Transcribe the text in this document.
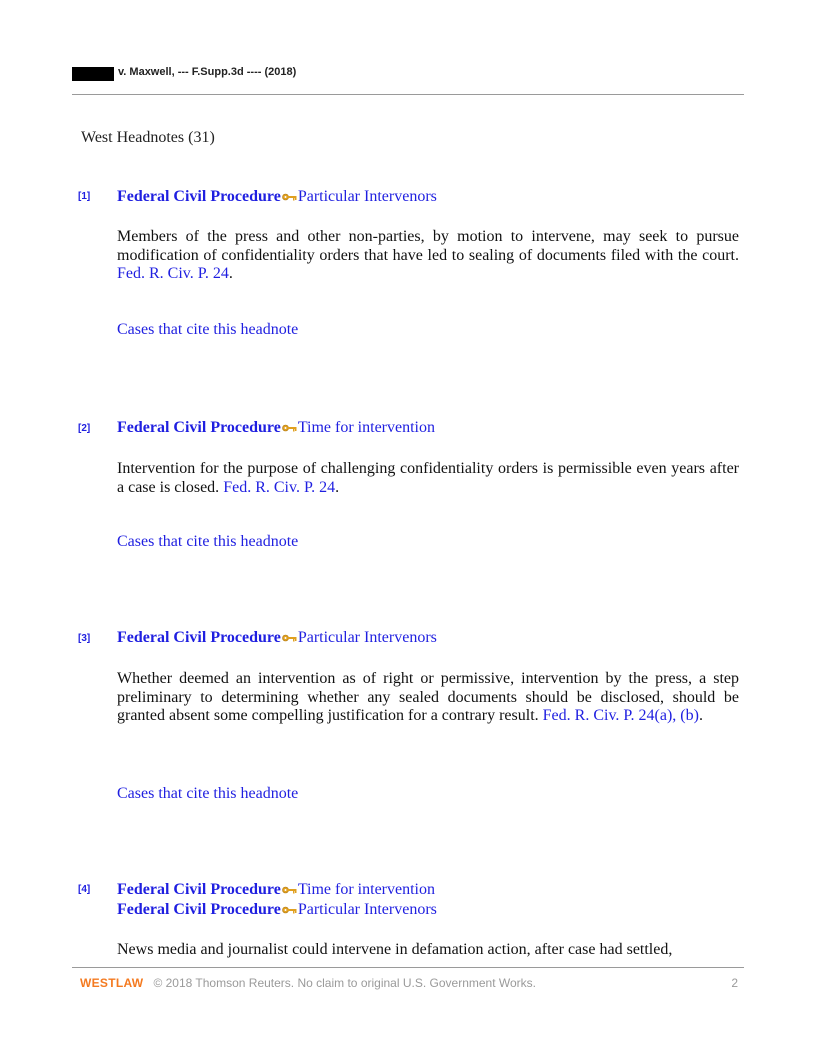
v. Maxwell, --- F.Supp.3d ---- (2018)
West Headnotes (31)
[1] Federal Civil Procedure Particular Intervenors
Members of the press and other non-parties, by motion to intervene, may seek to pursue modification of confidentiality orders that have led to sealing of documents filed with the court. Fed. R. Civ. P. 24.
Cases that cite this headnote
[2] Federal Civil Procedure Time for intervention
Intervention for the purpose of challenging confidentiality orders is permissible even years after a case is closed. Fed. R. Civ. P. 24.
Cases that cite this headnote
[3] Federal Civil Procedure Particular Intervenors
Whether deemed an intervention as of right or permissive, intervention by the press, a step preliminary to determining whether any sealed documents should be disclosed, should be granted absent some compelling justification for a contrary result. Fed. R. Civ. P. 24(a), (b).
Cases that cite this headnote
[4] Federal Civil Procedure Time for intervention
Federal Civil Procedure Particular Intervenors
News media and journalist could intervene in defamation action, after case had settled,
WESTLAW © 2018 Thomson Reuters. No claim to original U.S. Government Works.	2
